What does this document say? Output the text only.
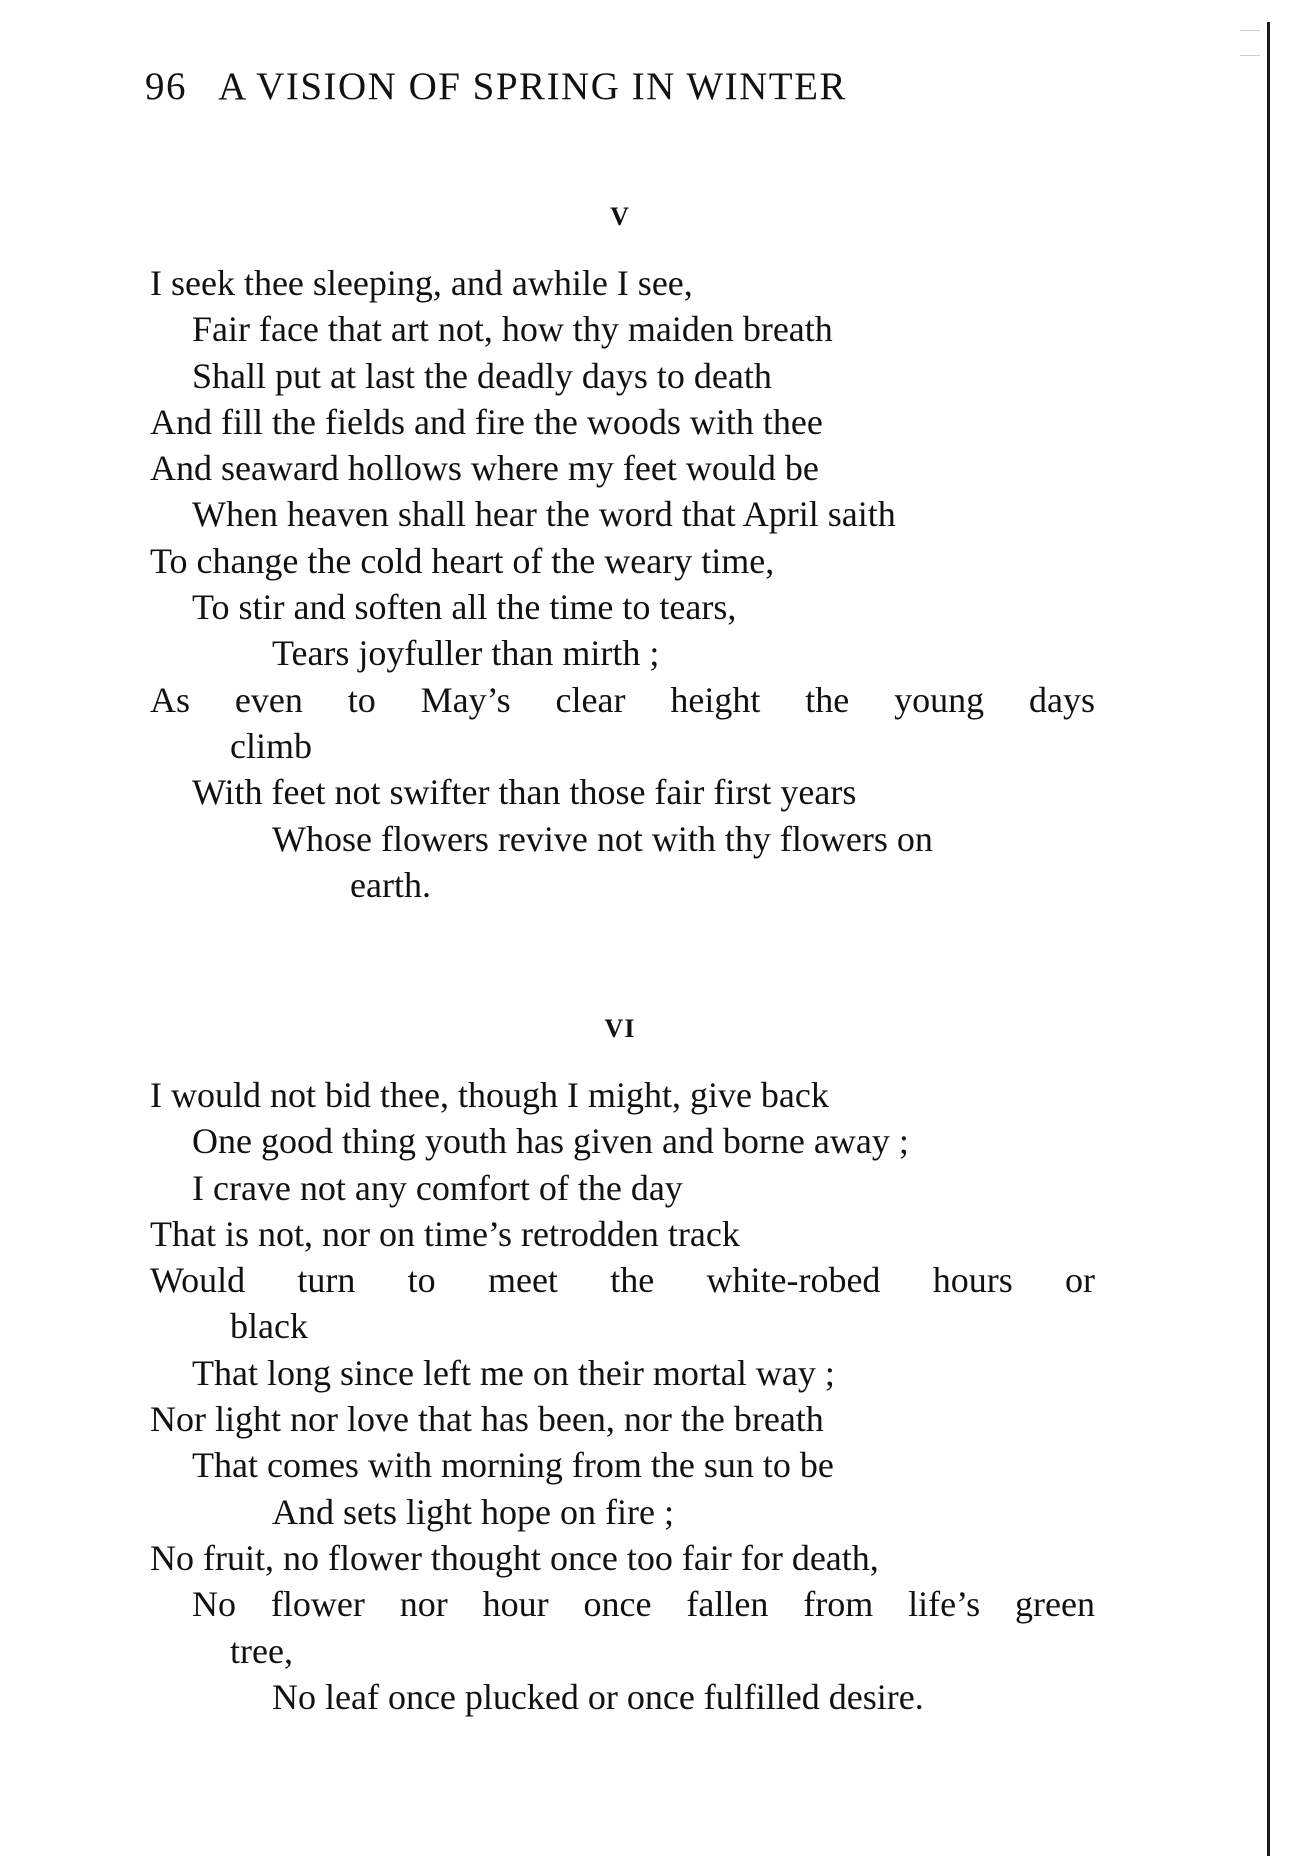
96 A VISION OF SPRING IN WINTER
V
I seek thee sleeping, and awhile I see,
Fair face that art not, how thy maiden breath
Shall put at last the deadly days to death
And fill the fields and fire the woods with thee
And seaward hollows where my feet would be
When heaven shall hear the word that April saith
To change the cold heart of the weary time,
To stir and soften all the time to tears,
Tears joyfuller than mirth ;
As even to May’s clear height the young days
climb
With feet not swifter than those fair first years
Whose flowers revive not with thy flowers on
earth.
VI
I would not bid thee, though I might, give back
One good thing youth has given and borne away ;
I crave not any comfort of the day
That is not, nor on time’s retrodden track
Would turn to meet the white-robed hours or
black
That long since left me on their mortal way ;
Nor light nor love that has been, nor the breath
That comes with morning from the sun to be
And sets light hope on fire ;
No fruit, no flower thought once too fair for death,
No flower nor hour once fallen from life’s green
tree,
No leaf once plucked or once fulfilled desire.
